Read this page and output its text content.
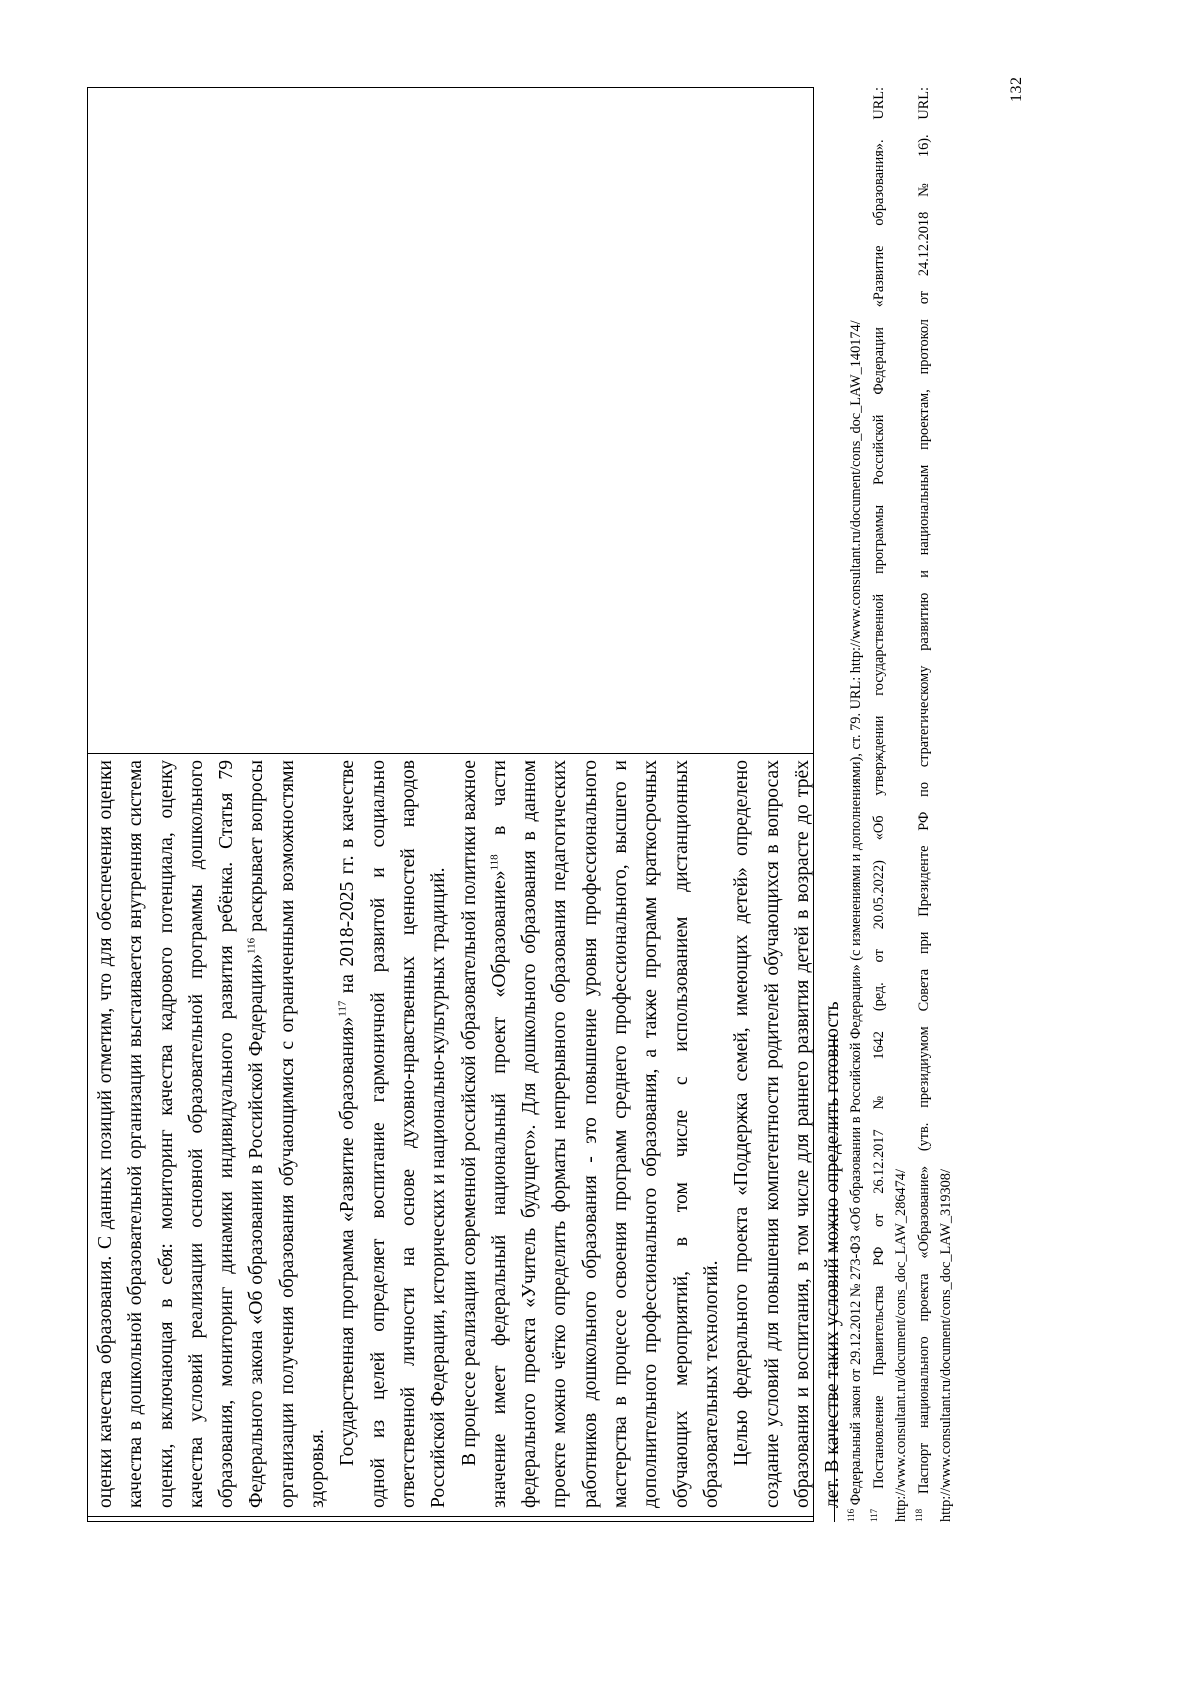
оценки качества образования. С данных позиций отметим, что для обеспечения оценки качества в дошкольной образовательной организации выстаивается внутренняя система оценки, включающая в себя: мониторинг качества кадрового потенциала, оценку качества условий реализации основной образовательной программы дошкольного образования, мониторинг динамики индивидуального развития ребёнка. Статья 79 Федерального закона «Об образовании в Российской Федерации»$^{116}$ раскрывает вопросы организации получения образования обучающимися с ограниченными возможностями здоровья.

Государственная программа «Развитие образования»$^{117}$ на 2018-2025 гг. в качестве одной из целей определяет воспитание гармоничной развитой и социально ответственной личности на основе духовно-нравственных ценностей народов Российской Федерации, исторических и национально-культурных традиций. В процессе реализации современной российской образовательной политики важное значение имеет федеральный национальный проект «Образование»$^{118}$ в части федерального проекта «Учитель будущего». Для дошкольного образования в данном проекте можно чётко определить форматы непрерывного образования педагогических работников дошкольного образования - это повышение уровня профессионального мастерства в процессе освоения программ среднего профессионального, высшего и дополнительного профессионального образования, а также программ краткосрочных обучающих мероприятий, в том числе с использованием дистанционных образовательных технологий. Целью федерального проекта «Поддержка семей, имеющих детей» определено создание условий для повышения компетентности родителей обучающихся в вопросах образования и воспитания, в том числе для раннего развития детей в возрасте до трёх лет. В качестве таких условий можно определить готовность

$^{116}$ Федеральный закон от 29.12.2012 № 273-ФЗ «Об образовании в Российской Федерации» (с изменениями и дополнениями), ст. 79. URL: http://www.consultant.ru/document/cons_doc_LAW_140174/

$^{117}$ Постановление Правительства РФ от 26.12.2017 № 1642 (ред. от 20.05.2022) «Об утверждении государственной программы Российской Федерации «Развитие образования». URL: http://www.consultant.ru/document/cons_doc_LAW_286474/ $^{118}$ Паспорт национального проекта «Образование» (утв. президиумом Совета при Президенте РФ по стратегическому развитию и национальным проектам, протокол от 24.12.2018 № 16). URL: http://www.consultant.ru/document/cons_doc_LAW_319308/

132
